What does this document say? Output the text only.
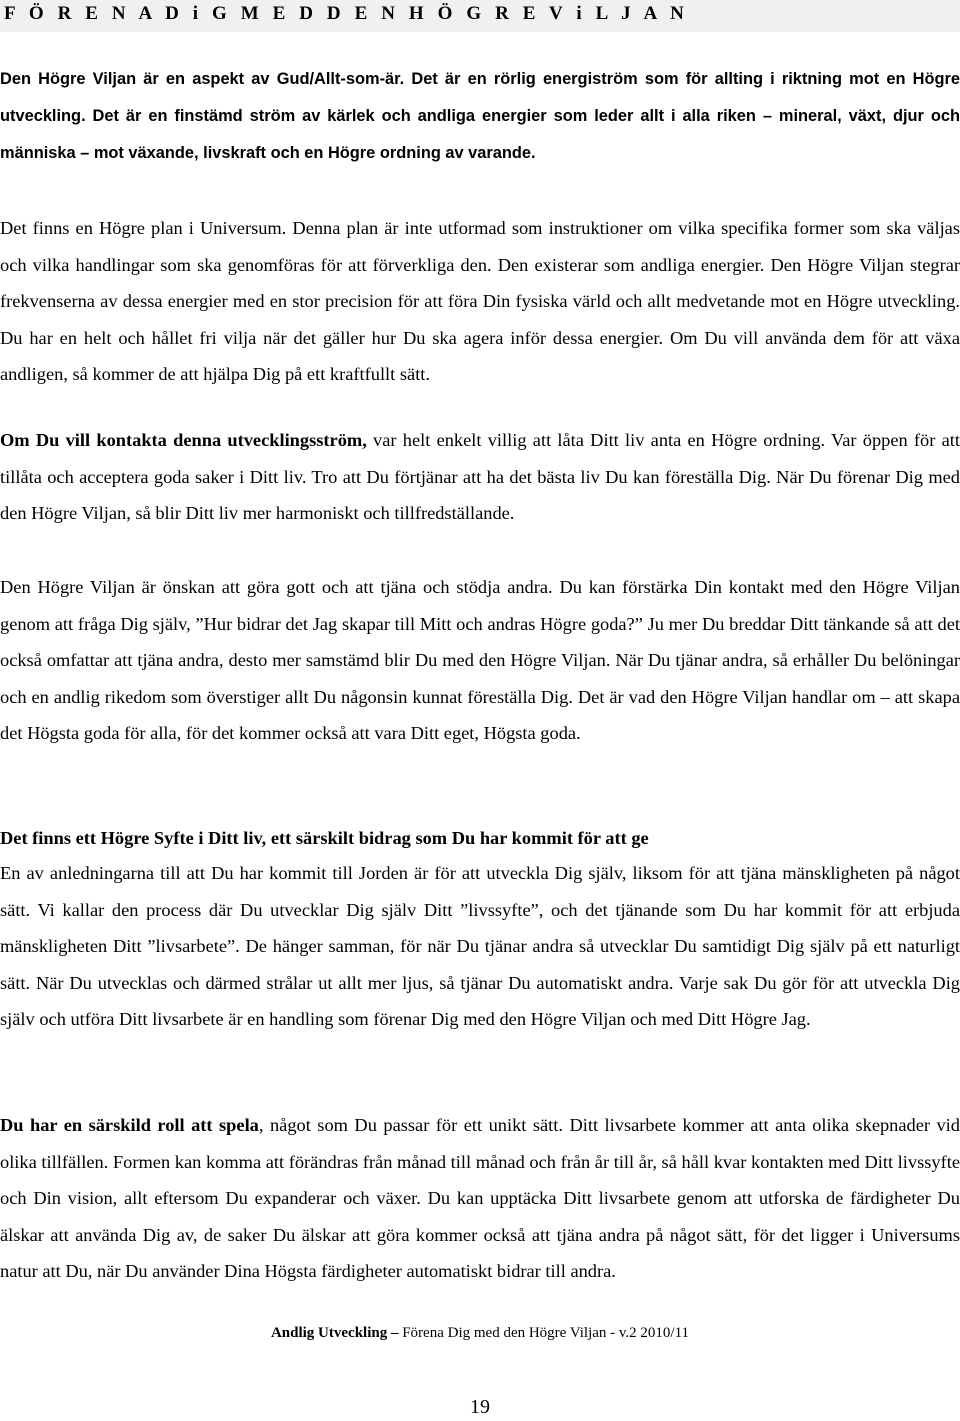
F Ö R E N A D i G M E D D E N H Ö G R E V i L J A N

Den Högre Viljan är en aspekt av Gud/Allt-som-är. Det är en rörlig energiström som för allting i riktning mot en Högre utveckling. Det är en finstämd ström av kärlek och andliga energier som leder allt i alla riken – mineral, växt, djur och människa – mot växande, livskraft och en Högre ordning av varande.

Det finns en Högre plan i Universum. Denna plan är inte utformad som instruktioner om vilka specifika former som ska väljas och vilka handlingar som ska genomföras för att förverkliga den. Den existerar som andliga energier. Den Högre Viljan stegrar frekvenserna av dessa energier med en stor precision för att föra Din fysiska värld och allt medvetande mot en Högre utveckling. Du har en helt och hållet fri vilja när det gäller hur Du ska agera inför dessa energier. Om Du vill använda dem för att växa andligen, så kommer de att hjälpa Dig på ett kraftfullt sätt.

Om Du vill kontakta denna utvecklingsström, var helt enkelt villig att låta Ditt liv anta en Högre ordning. Var öppen för att tillåta och acceptera goda saker i Ditt liv. Tro att Du förtjänar att ha det bästa liv Du kan föreställa Dig. När Du förenar Dig med den Högre Viljan, så blir Ditt liv mer harmoniskt och tillfredställande.

Den Högre Viljan är önskan att göra gott och att tjäna och stödja andra. Du kan förstärka Din kontakt med den Högre Viljan genom att fråga Dig själv, ”Hur bidrar det Jag skapar till Mitt och andras Högre goda?” Ju mer Du breddar Ditt tänkande så att det också omfattar att tjäna andra, desto mer samstämd blir Du med den Högre Viljan. När Du tjänar andra, så erhåller Du belöningar och en andlig rikedom som överstiger allt Du någonsin kunnat föreställa Dig. Det är vad den Högre Viljan handlar om – att skapa det Högsta goda för alla, för det kommer också att vara Ditt eget, Högsta goda.

Det finns ett Högre Syfte i Ditt liv, ett särskilt bidrag som Du har kommit för att ge

En av anledningarna till att Du har kommit till Jorden är för att utveckla Dig själv, liksom för att tjäna mänskligheten på något sätt. Vi kallar den process där Du utvecklar Dig själv Ditt ”livssyfte”, och det tjänande som Du har kommit för att erbjuda mänskligheten Ditt ”livsarbete”. De hänger samman, för när Du tjänar andra så utvecklar Du samtidigt Dig själv på ett naturligt sätt. När Du utvecklas och därmed strålar ut allt mer ljus, så tjänar Du automatiskt andra. Varje sak Du gör för att utveckla Dig själv och utföra Ditt livsarbete är en handling som förenar Dig med den Högre Viljan och med Ditt Högre Jag.

Du har en särskild roll att spela, något som Du passar för ett unikt sätt. Ditt livsarbete kommer att anta olika skepnader vid olika tillfällen. Formen kan komma att förändras från månad till månad och från år till år, så håll kvar kontakten med Ditt livssyfte och Din vision, allt eftersom Du expanderar och växer. Du kan upptäcka Ditt livsarbete genom att utforska de färdigheter Du älskar att använda Dig av, de saker Du älskar att göra kommer också att tjäna andra på något sätt, för det ligger i Universums natur att Du, när Du använder Dina Högsta färdigheter automatiskt bidrar till andra.

Andlig Utveckling – Förena Dig med den Högre Viljan - v.2 2010/11
19
